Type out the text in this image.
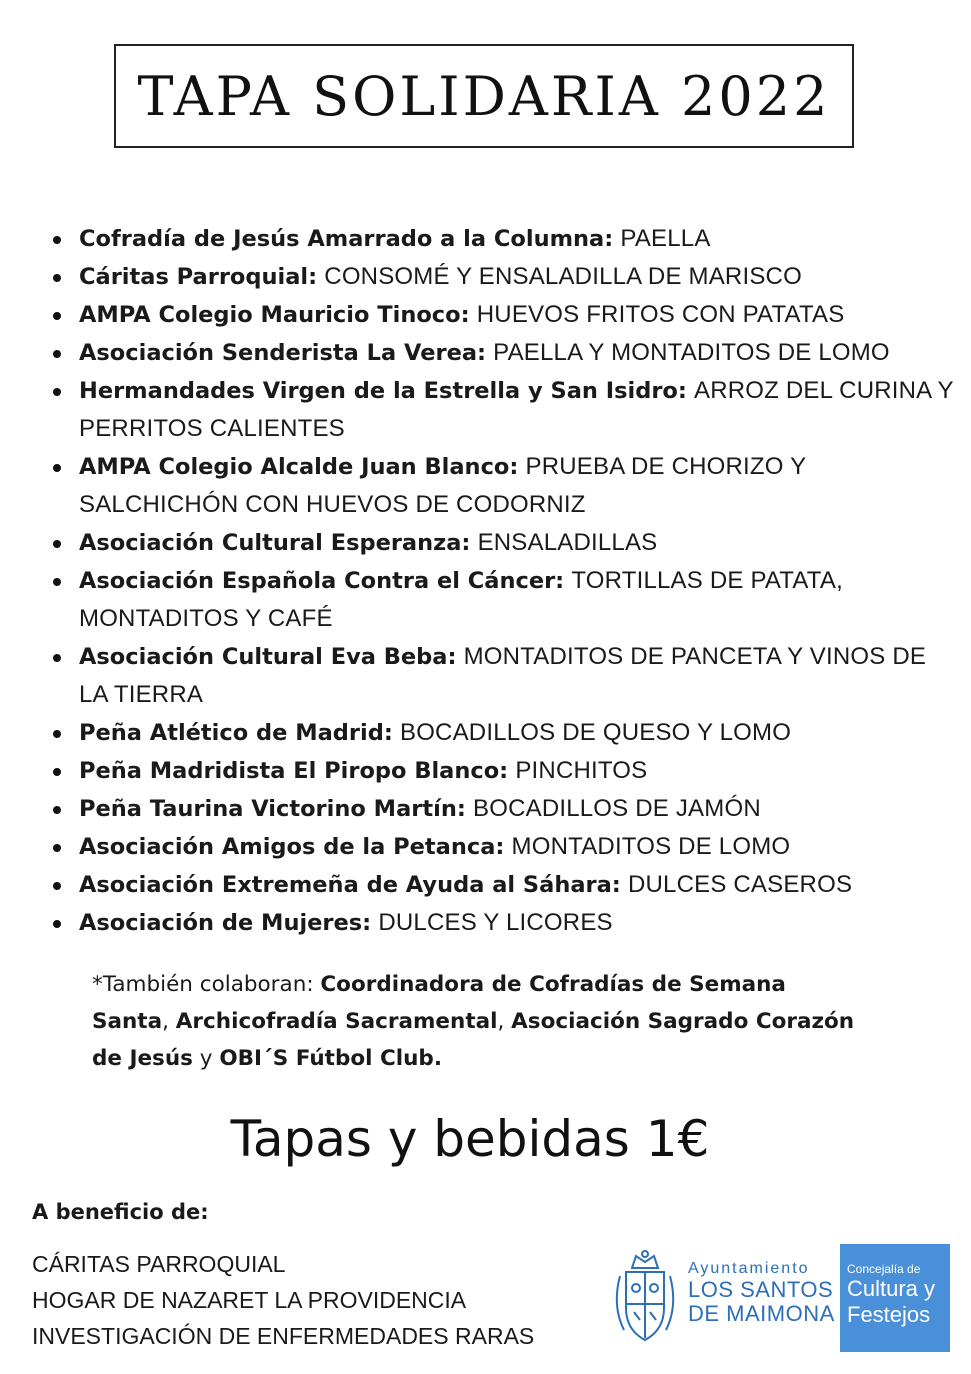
TAPA SOLIDARIA 2022
Cofradía de Jesús Amarrado a la Columna: PAELLA
Cáritas Parroquial: CONSOMÉ Y ENSALADILLA DE MARISCO
AMPA Colegio Mauricio Tinoco: HUEVOS FRITOS CON PATATAS
Asociación Senderista La Verea: PAELLA Y MONTADITOS DE LOMO
Hermandades Virgen de la Estrella y San Isidro: ARROZ DEL CURINA Y PERRITOS CALIENTES
AMPA Colegio Alcalde Juan Blanco: PRUEBA DE CHORIZO Y SALCHICHÓN CON HUEVOS DE CODORNIZ
Asociación Cultural Esperanza: ENSALADILLAS
Asociación Española Contra el Cáncer: TORTILLAS DE PATATA, MONTADITOS Y CAFÉ
Asociación Cultural Eva Beba: MONTADITOS DE PANCETA Y VINOS DE LA TIERRA
Peña Atlético de Madrid: BOCADILLOS DE QUESO Y LOMO
Peña Madridista El Piropo Blanco: PINCHITOS
Peña Taurina Victorino Martín: BOCADILLOS DE JAMÓN
Asociación Amigos de la Petanca: MONTADITOS DE LOMO
Asociación Extremeña de Ayuda al Sáhara: DULCES CASEROS
Asociación de Mujeres: DULCES Y LICORES
*También colaboran: Coordinadora de Cofradías de Semana Santa, Archicofradía Sacramental, Asociación Sagrado Corazón de Jesús y OBI´S Fútbol Club.
Tapas y bebidas 1€
A beneficio de:
CÁRITAS PARROQUIAL
HOGAR DE NAZARET LA PROVIDENCIA
INVESTIGACIÓN DE ENFERMEDADES RARAS
Ayuntamiento
LOS SANTOS
DE MAIMONA
Concejalía de
Cultura y
Festejos
